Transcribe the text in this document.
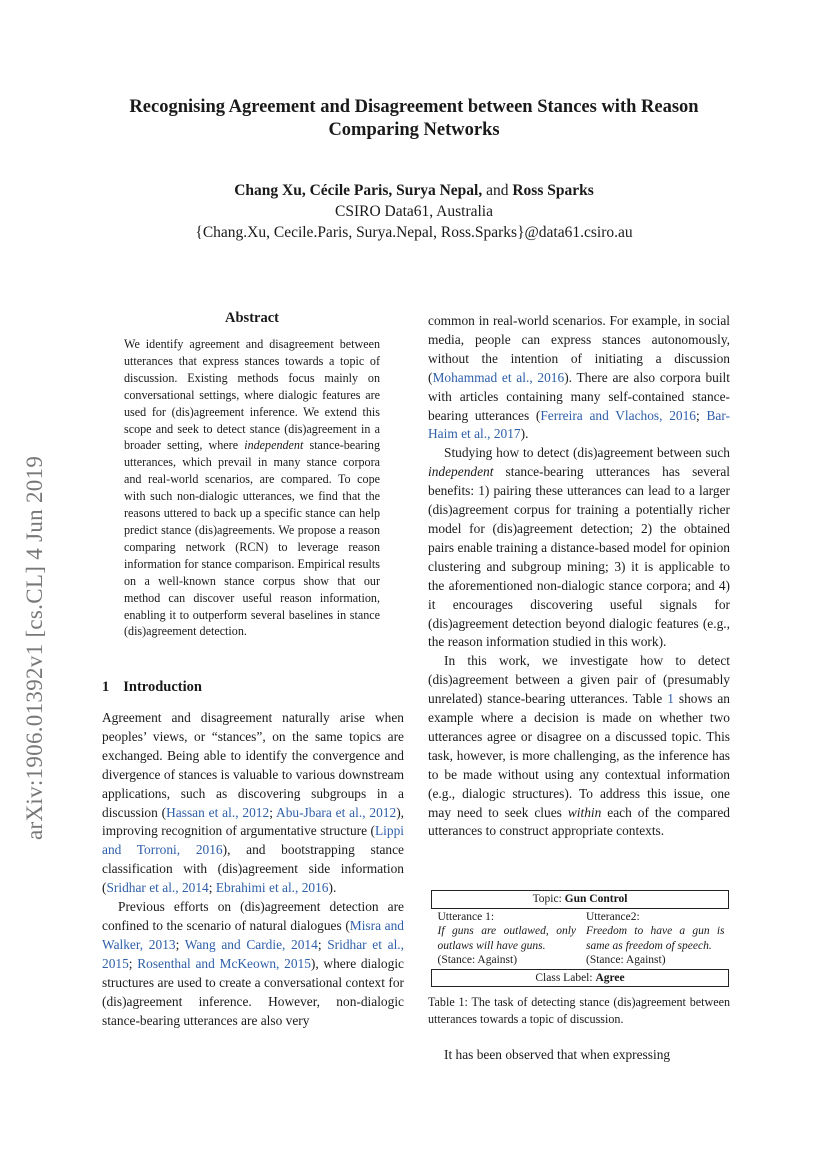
Recognising Agreement and Disagreement between Stances with Reason
Comparing Networks
Chang Xu, Cécile Paris, Surya Nepal, and Ross Sparks
CSIRO Data61, Australia
{Chang.Xu, Cecile.Paris, Surya.Nepal, Ross.Sparks}@data61.csiro.au
arXiv:1906.01392v1 [cs.CL] 4 Jun 2019
Abstract
We identify agreement and disagreement between utterances that express stances towards a topic of discussion. Existing methods focus mainly on conversational settings, where dialogic features are used for (dis)agreement inference. We extend this scope and seek to detect stance (dis)agreement in a broader setting, where independent stance-bearing utterances, which prevail in many stance corpora and real-world scenarios, are compared. To cope with such non-dialogic utterances, we find that the reasons uttered to back up a specific stance can help predict stance (dis)agreements. We propose a reason comparing network (RCN) to leverage reason information for stance comparison. Empirical results on a well-known stance corpus show that our method can discover useful reason information, enabling it to outperform several baselines in stance (dis)agreement detection.
1 Introduction

Agreement and disagreement naturally arise when peoples’ views, or “stances”, on the same topics are exchanged. Being able to identify the convergence and divergence of stances is valuable to various downstream applications, such as discovering subgroups in a discussion (Hassan et al., 2012; Abu-Jbara et al., 2012), improving recognition of argumentative structure (Lippi and Torroni, 2016), and bootstrapping stance classification with (dis)agreement side information (Sridhar et al., 2014; Ebrahimi et al., 2016).

Previous efforts on (dis)agreement detection are confined to the scenario of natural dialogues (Misra and Walker, 2013; Wang and Cardie, 2014; Sridhar et al., 2015; Rosenthal and McKeown, 2015), where dialogic structures are used to create a conversational context for (dis)agreement inference. However, non-dialogic stance-bearing utterances are also very

common in real-world scenarios. For example, in social media, people can express stances autonomously, without the intention of initiating a discussion (Mohammad et al., 2016). There are also corpora built with articles containing many self-contained stance-bearing utterances (Ferreira and Vlachos, 2016; Bar-Haim et al., 2017).

Studying how to detect (dis)agreement between such independent stance-bearing utterances has several benefits: 1) pairing these utterances can lead to a larger (dis)agreement corpus for training a potentially richer model for (dis)agreement detection; 2) the obtained pairs enable training a distance-based model for opinion clustering and subgroup mining; 3) it is applicable to the aforementioned non-dialogic stance corpora; and 4) it encourages discovering useful signals for (dis)agreement detection beyond dialogic features (e.g., the reason information studied in this work).

In this work, we investigate how to detect (dis)agreement between a given pair of (presumably unrelated) stance-bearing utterances. Table 1 shows an example where a decision is made on whether two utterances agree or disagree on a discussed topic. This task, however, is more challenging, as the inference has to be made without using any contextual information (e.g., dialogic structures). To address this issue, one may need to seek clues within each of the compared utterances to construct appropriate contexts.

Topic: Gun Control

Utterance 1:
If guns are outlawed, only outlaws will have guns.
(Stance: Against)
Utterance2:
Freedom to have a gun is same as freedom of speech.
(Stance: Against)

Class Label: Agree
Table 1: The task of detecting stance (dis)agreement between utterances towards a topic of discussion.

It has been observed that when expressing
